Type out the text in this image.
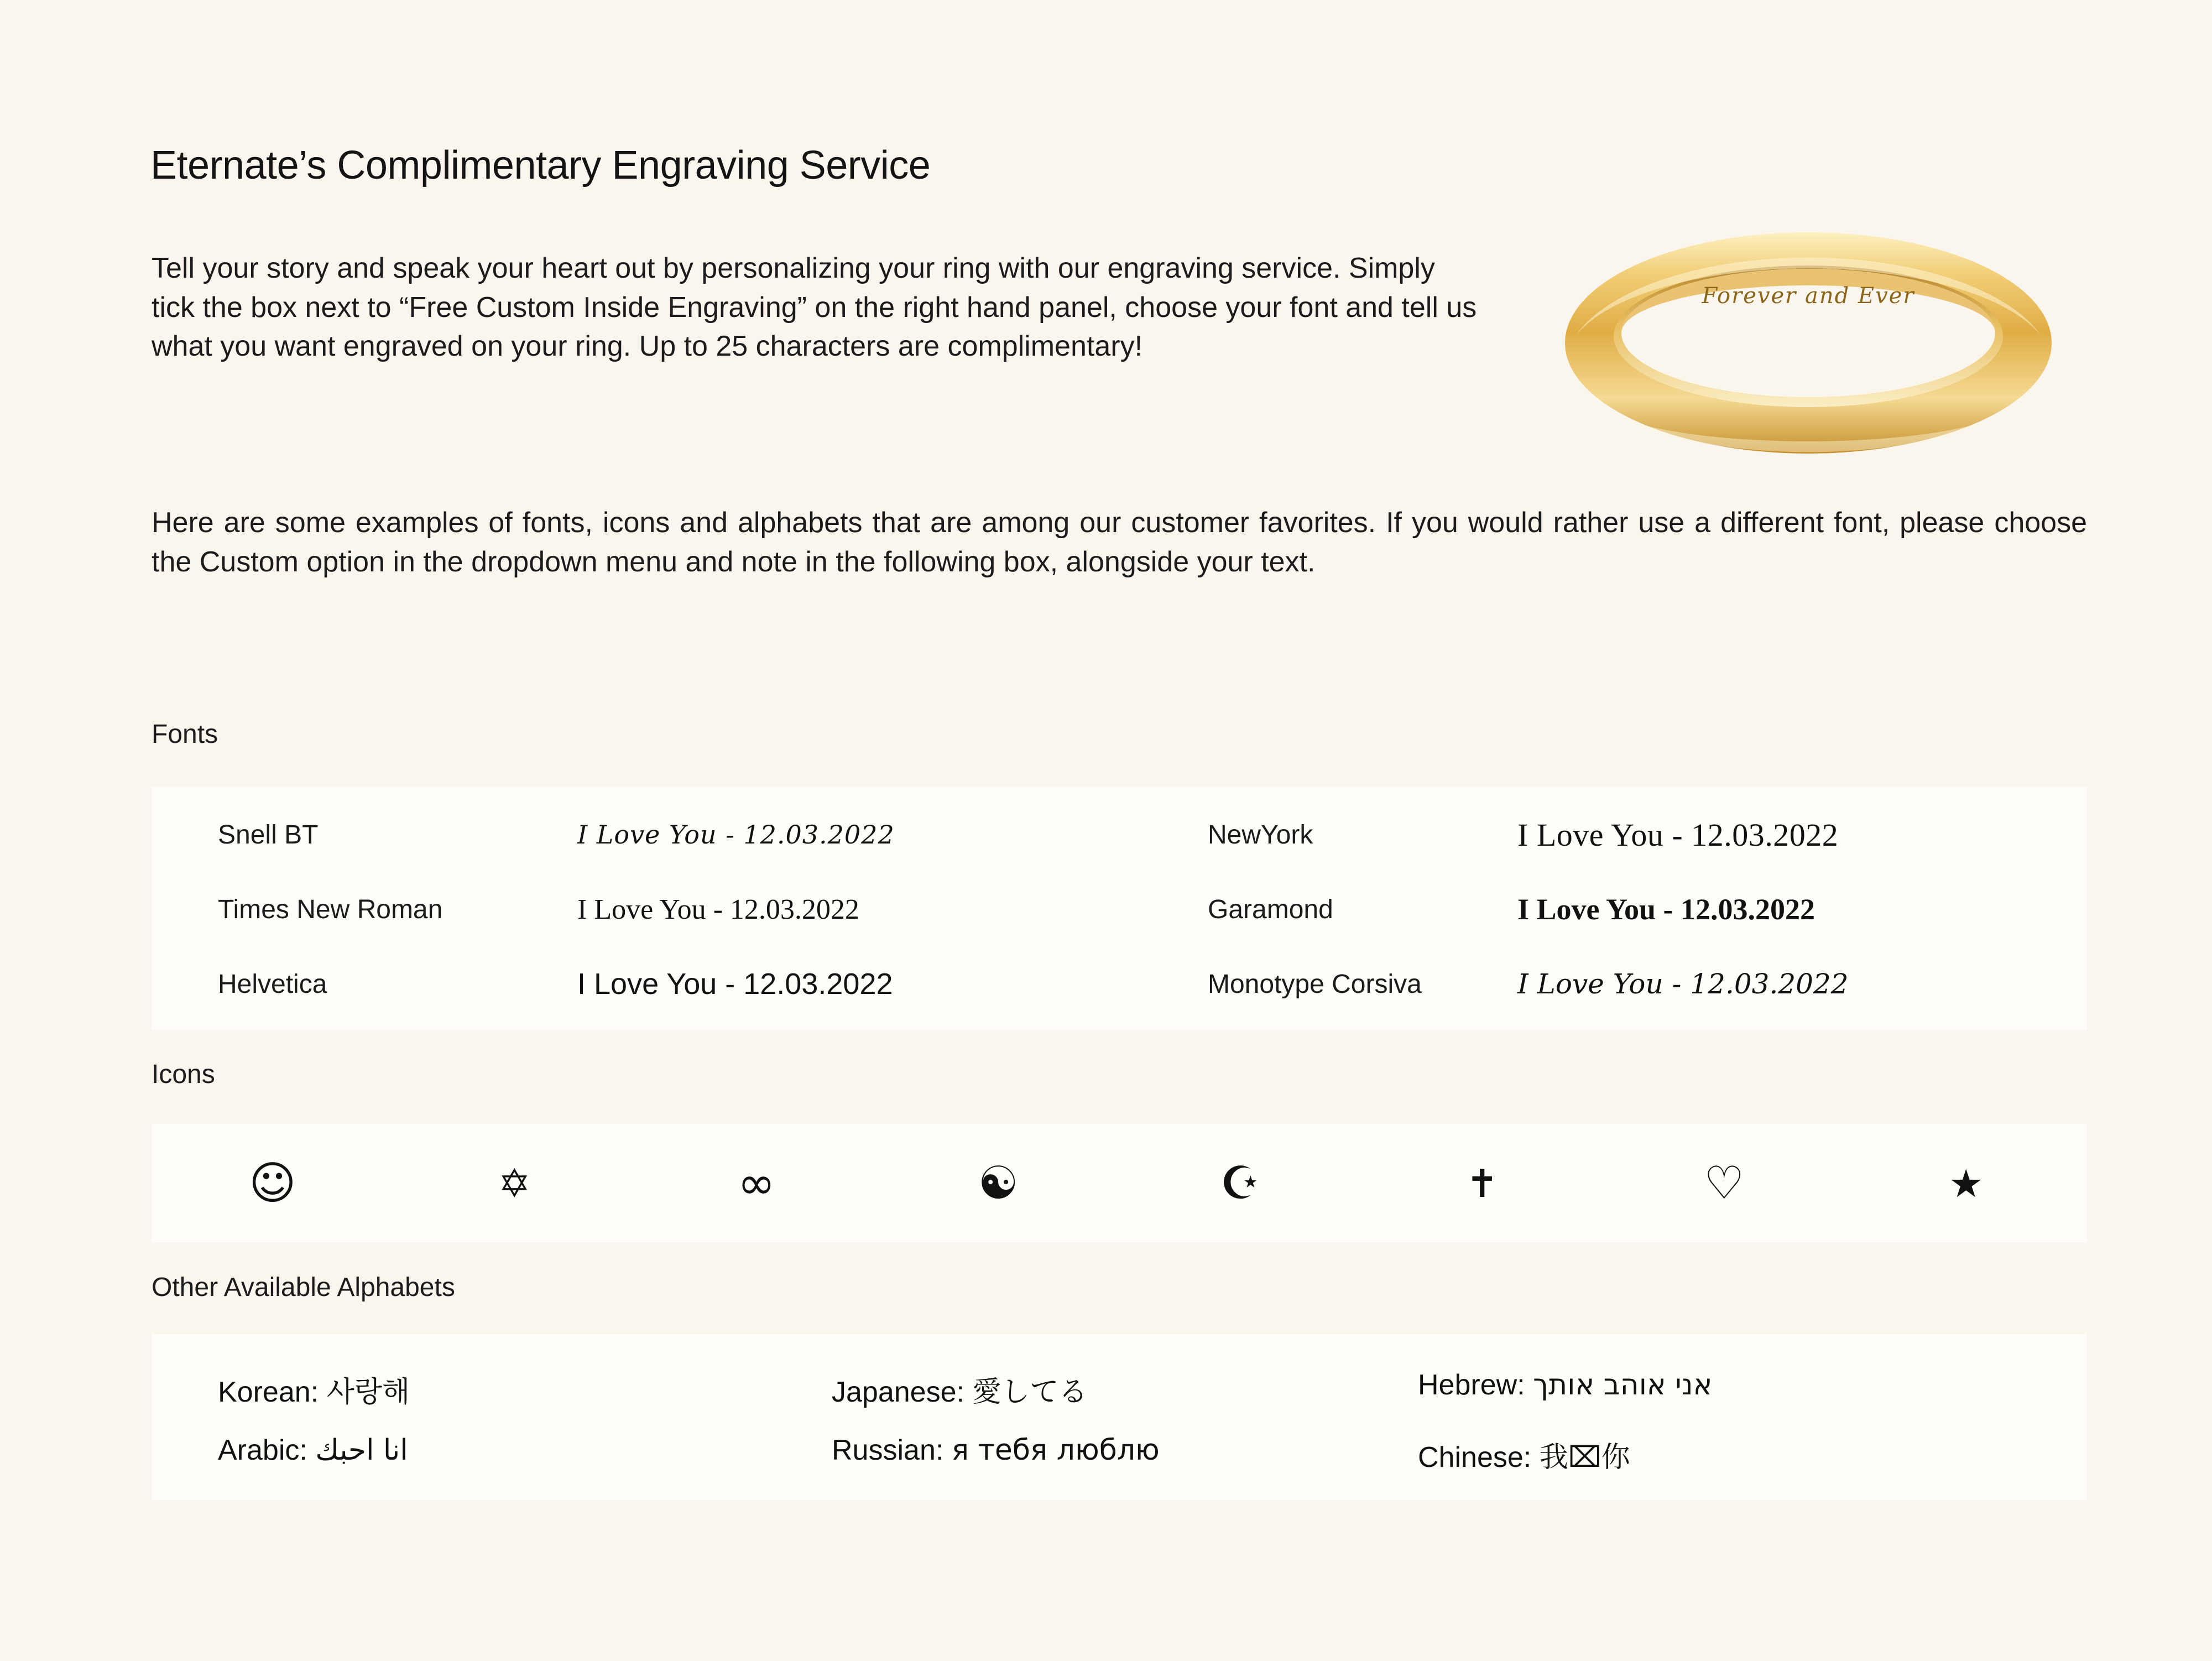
Eternate’s Complimentary Engraving Service

Tell your story and speak your heart out by personalizing your ring with our engraving service. Simply tick the box next to “Free Custom Inside Engraving” on the right hand panel, choose your font and tell us what you want engraved on your ring. Up to 25 characters are complimentary!

Forever and Ever

Here are some examples of fonts, icons and alphabets that are among our customer favorites. If you would rather use a different font, please choose the Custom option in the dropdown menu and note in the following box, alongside your text.

Fonts
Snell BT	I Love You - 12.03.2022	NewYork	I Love You - 12.03.2022
Times New Roman	I Love You - 12.03.2022	Garamond	I Love You - 12.03.2022
Helvetica	I Love You - 12.03.2022	Monotype Corsiva	I Love You - 12.03.2022
Icons
☺	✡	∞	☯	☪	✝	♡	★
Other Available Alphabets
Korean: 사랑해	Japanese: 愛してる	Hebrew: אני אוהב אותך
Arabic: انا احبك	Russian: я тебя люблю	Chinese: 我⌧你
